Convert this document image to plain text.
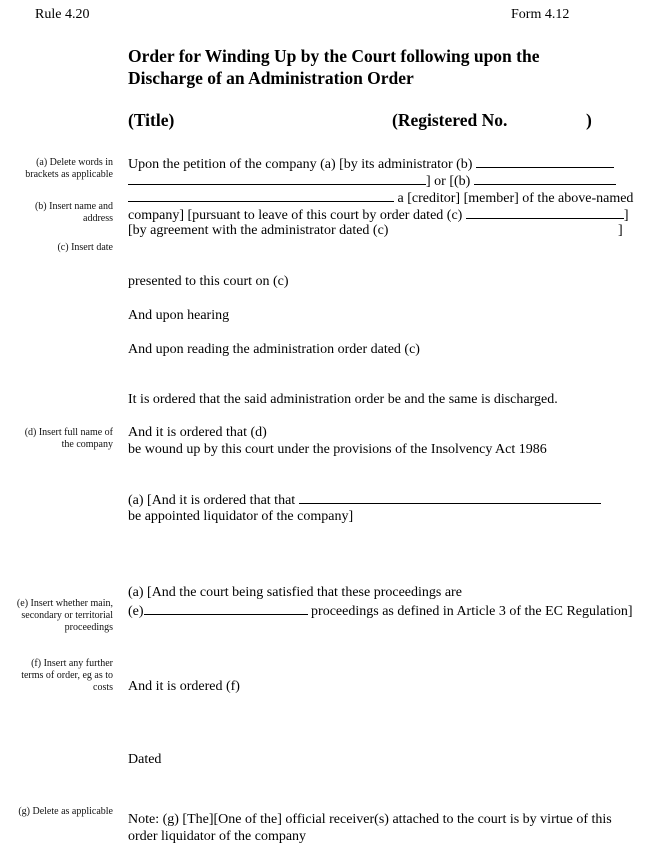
Rule 4.20	Form 4.12
Order for Winding Up by the Court following upon the
Discharge of an Administration Order
(Title)	(Registered No.	)
(a) Delete words in
brackets as applicable
(b) Insert name and
address
(c) Insert date
(d) Insert full name of
the company
(e) Insert whether main,
secondary or territorial
proceedings
(f) Insert any further
terms of order, eg as to
costs
(g) Delete as applicable
Upon the petition of the company (a) [by its administrator (b)
] or [(b)
a [creditor] [member] of the above-named
company] [pursuant to leave of this court by order dated (c)	]
[by agreement with the administrator dated (c)	]
presented to this court on (c)
And upon hearing
And upon reading the administration order dated (c)
It is ordered that the said administration order be and the same is discharged.
And it is ordered that (d)
be wound up by this court under the provisions of the Insolvency Act 1986
(a) [And it is ordered that that
be appointed liquidator of the company]
(a) [And the court being satisfied that these proceedings are
(e)	proceedings as defined in Article 3 of the EC Regulation]
And it is ordered (f)
Dated
Note: (g) [The][One of the] official receiver(s) attached to the court is by virtue of this
order liquidator of the company
